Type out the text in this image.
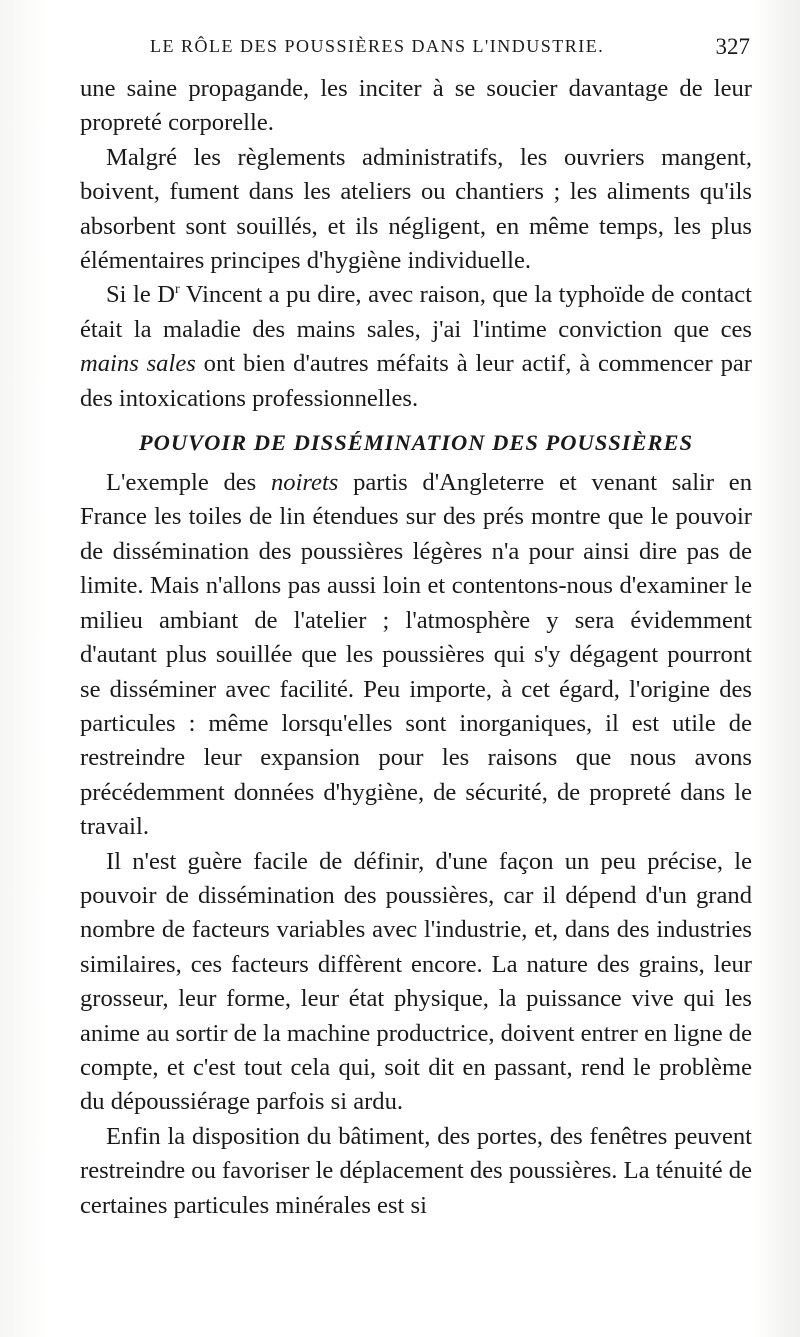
LE RÔLE DES POUSSIÈRES DANS L'INDUSTRIE.	327

une saine propagande, les inciter à se soucier davantage de leur propreté corporelle.

Malgré les règlements administratifs, les ouvriers mangent, boivent, fument dans les ateliers ou chantiers ; les aliments qu'ils absorbent sont souillés, et ils négligent, en même temps, les plus élémentaires principes d'hygiène individuelle.

Si le $D^r$ Vincent a pu dire, avec raison, que la typhoïde de contact était la maladie des mains sales, j'ai l'intime conviction que ces mains sales ont bien d'autres méfaits à leur actif, à commencer par des intoxications professionnelles.

POUVOIR DE DISSÉMINATION DES POUSSIÈRES

L'exemple des noirets partis d'Angleterre et venant salir en France les toiles de lin étendues sur des prés montre que le pouvoir de dissémination des poussières légères n'a pour ainsi dire pas de limite. Mais n'allons pas aussi loin et contentons-nous d'examiner le milieu ambiant de l'atelier ; l'atmosphère y sera évidemment d'autant plus souillée que les poussières qui s'y dégagent pourront se disséminer avec facilité. Peu importe, à cet égard, l'origine des particules : même lorsqu'elles sont inorganiques, il est utile de restreindre leur expansion pour les raisons que nous avons précédemment données d'hygiène, de sécurité, de propreté dans le travail.

Il n'est guère facile de définir, d'une façon un peu précise, le pouvoir de dissémination des poussières, car il dépend d'un grand nombre de facteurs variables avec l'industrie, et, dans des industries similaires, ces facteurs diffèrent encore. La nature des grains, leur grosseur, leur forme, leur état physique, la puissance vive qui les anime au sortir de la machine productrice, doivent entrer en ligne de compte, et c'est tout cela qui, soit dit en passant, rend le problème du dépoussiérage parfois si ardu.

Enfin la disposition du bâtiment, des portes, des fenêtres peuvent restreindre ou favoriser le déplacement des poussières. La ténuité de certaines particules minérales est si
